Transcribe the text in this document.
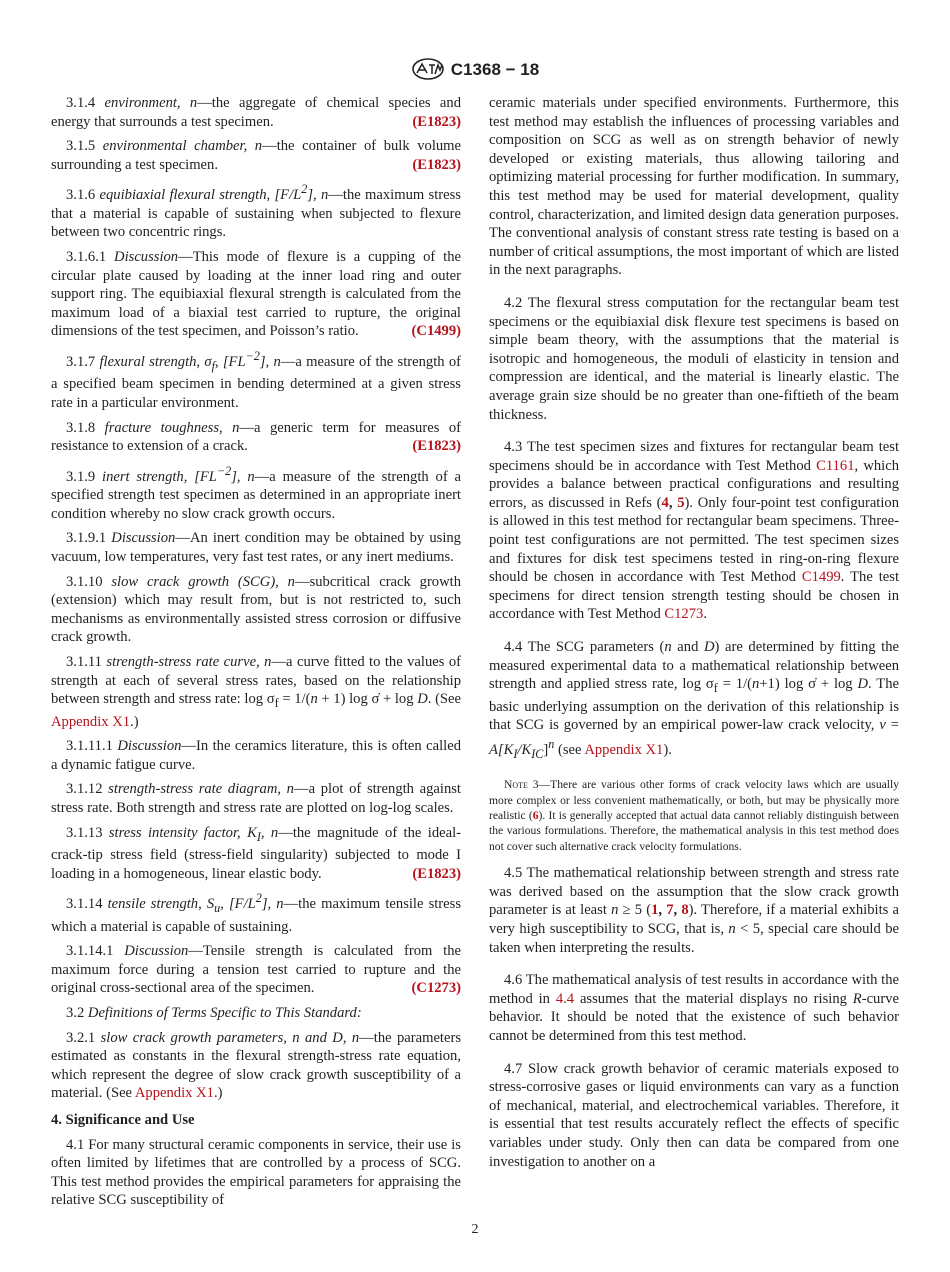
C1368 − 18

3.1.4 environment, n—the aggregate of chemical species and energy that surrounds a test specimen.	(E1823)

3.1.5 environmental chamber, n—the container of bulk volume surrounding a test specimen.	(E1823)

3.1.6 equibiaxial flexural strength, $[F/L^2]$, n—the maximum stress that a material is capable of sustaining when subjected to flexure between two concentric rings.

3.1.6.1 Discussion—This mode of flexure is a cupping of the circular plate caused by loading at the inner load ring and outer support ring. The equibiaxial flexural strength is calculated from the maximum load of a biaxial test carried to rupture, the original dimensions of the test specimen, and Poisson’s ratio.	(C1499)

3.1.7 flexural strength, $\sigma_f$, $[FL^{-2}]$, n—a measure of the strength of a specified beam specimen in bending determined at a given stress rate in a particular environment.

3.1.8 fracture toughness, n—a generic term for measures of resistance to extension of a crack.	(E1823)

3.1.9 inert strength, $[FL^{-2}]$, n—a measure of the strength of a specified strength test specimen as determined in an appropriate inert condition whereby no slow crack growth occurs.

3.1.9.1 Discussion—An inert condition may be obtained by using vacuum, low temperatures, very fast test rates, or any inert mediums.

3.1.10 slow crack growth (SCG), n—subcritical crack growth (extension) which may result from, but is not restricted to, such mechanisms as environmentally assisted stress corrosion or diffusive crack growth.

3.1.11 strength-stress rate curve, n—a curve fitted to the values of strength at each of several stress rates, based on the relationship between strength and stress rate: $\log \sigma_f = 1/(n + 1)$ log σ̇ + log D. (See Appendix X1.)

3.1.11.1 Discussion—In the ceramics literature, this is often called a dynamic fatigue curve.

3.1.12 strength-stress rate diagram, n—a plot of strength against stress rate. Both strength and stress rate are plotted on log-log scales.

3.1.13 stress intensity factor, $K_I$, n—the magnitude of the ideal-crack-tip stress field (stress-field singularity) subjected to mode I loading in a homogeneous, linear elastic body.	(E1823)

3.1.14 tensile strength, $S_u$, $[F/L^2]$, n—the maximum tensile stress which a material is capable of sustaining.

3.1.14.1 Discussion—Tensile strength is calculated from the maximum force during a tension test carried to rupture and the original cross-sectional area of the specimen.	(C1273)

3.2 Definitions of Terms Specific to This Standard:

3.2.1 slow crack growth parameters, n and D, n—the parameters estimated as constants in the flexural strength-stress rate equation, which represent the degree of slow crack growth susceptibility of a material. (See Appendix X1.)

4. Significance and Use

4.1 For many structural ceramic components in service, their use is often limited by lifetimes that are controlled by a process of SCG. This test method provides the empirical parameters for appraising the relative SCG susceptibility of

ceramic materials under specified environments. Furthermore, this test method may establish the influences of processing variables and composition on SCG as well as on strength behavior of newly developed or existing materials, thus allowing tailoring and optimizing material processing for further modification. In summary, this test method may be used for material development, quality control, characterization, and limited design data generation purposes. The conventional analysis of constant stress rate testing is based on a number of critical assumptions, the most important of which are listed in the next paragraphs.

4.2 The flexural stress computation for the rectangular beam test specimens or the equibiaxial disk flexure test specimens is based on simple beam theory, with the assumptions that the material is isotropic and homogeneous, the moduli of elasticity in tension and compression are identical, and the material is linearly elastic. The average grain size should be no greater than one-fiftieth of the beam thickness.

4.3 The test specimen sizes and fixtures for rectangular beam test specimens should be in accordance with Test Method C1161, which provides a balance between practical configurations and resulting errors, as discussed in Refs (4, 5). Only four-point test configuration is allowed in this test method for rectangular beam specimens. Three-point test configurations are not permitted. The test specimen sizes and fixtures for disk test specimens tested in ring-on-ring flexure should be chosen in accordance with Test Method C1499. The test specimens for direct tension strength testing should be chosen in accordance with Test Method C1273.

4.4 The SCG parameters (n and D) are determined by fitting the measured experimental data to a mathematical relationship between strength and applied stress rate, $\log \sigma_f = 1/(n+1)$ log σ̇ + log D. The basic underlying assumption on the derivation of this relationship is that SCG is governed by an empirical power-law crack velocity, $v = A[K_I/K_{IC}]^n$ (see Appendix X1).

Note 3—There are various other forms of crack velocity laws which are usually more complex or less convenient mathematically, or both, but may be physically more realistic (6). It is generally accepted that actual data cannot reliably distinguish between the various formulations. Therefore, the mathematical analysis in this test method does not cover such alternative crack velocity formulations.

4.5 The mathematical relationship between strength and stress rate was derived based on the assumption that the slow crack growth parameter is at least n ≥ 5 (1, 7, 8). Therefore, if a material exhibits a very high susceptibility to SCG, that is, n < 5, special care should be taken when interpreting the results.

4.6 The mathematical analysis of test results in accordance with the method in 4.4 assumes that the material displays no rising R-curve behavior. It should be noted that the existence of such behavior cannot be determined from this test method.

4.7 Slow crack growth behavior of ceramic materials exposed to stress-corrosive gases or liquid environments can vary as a function of mechanical, material, and electrochemical variables. Therefore, it is essential that test results accurately reflect the effects of specific variables under study. Only then can data be compared from one investigation to another on a

2
